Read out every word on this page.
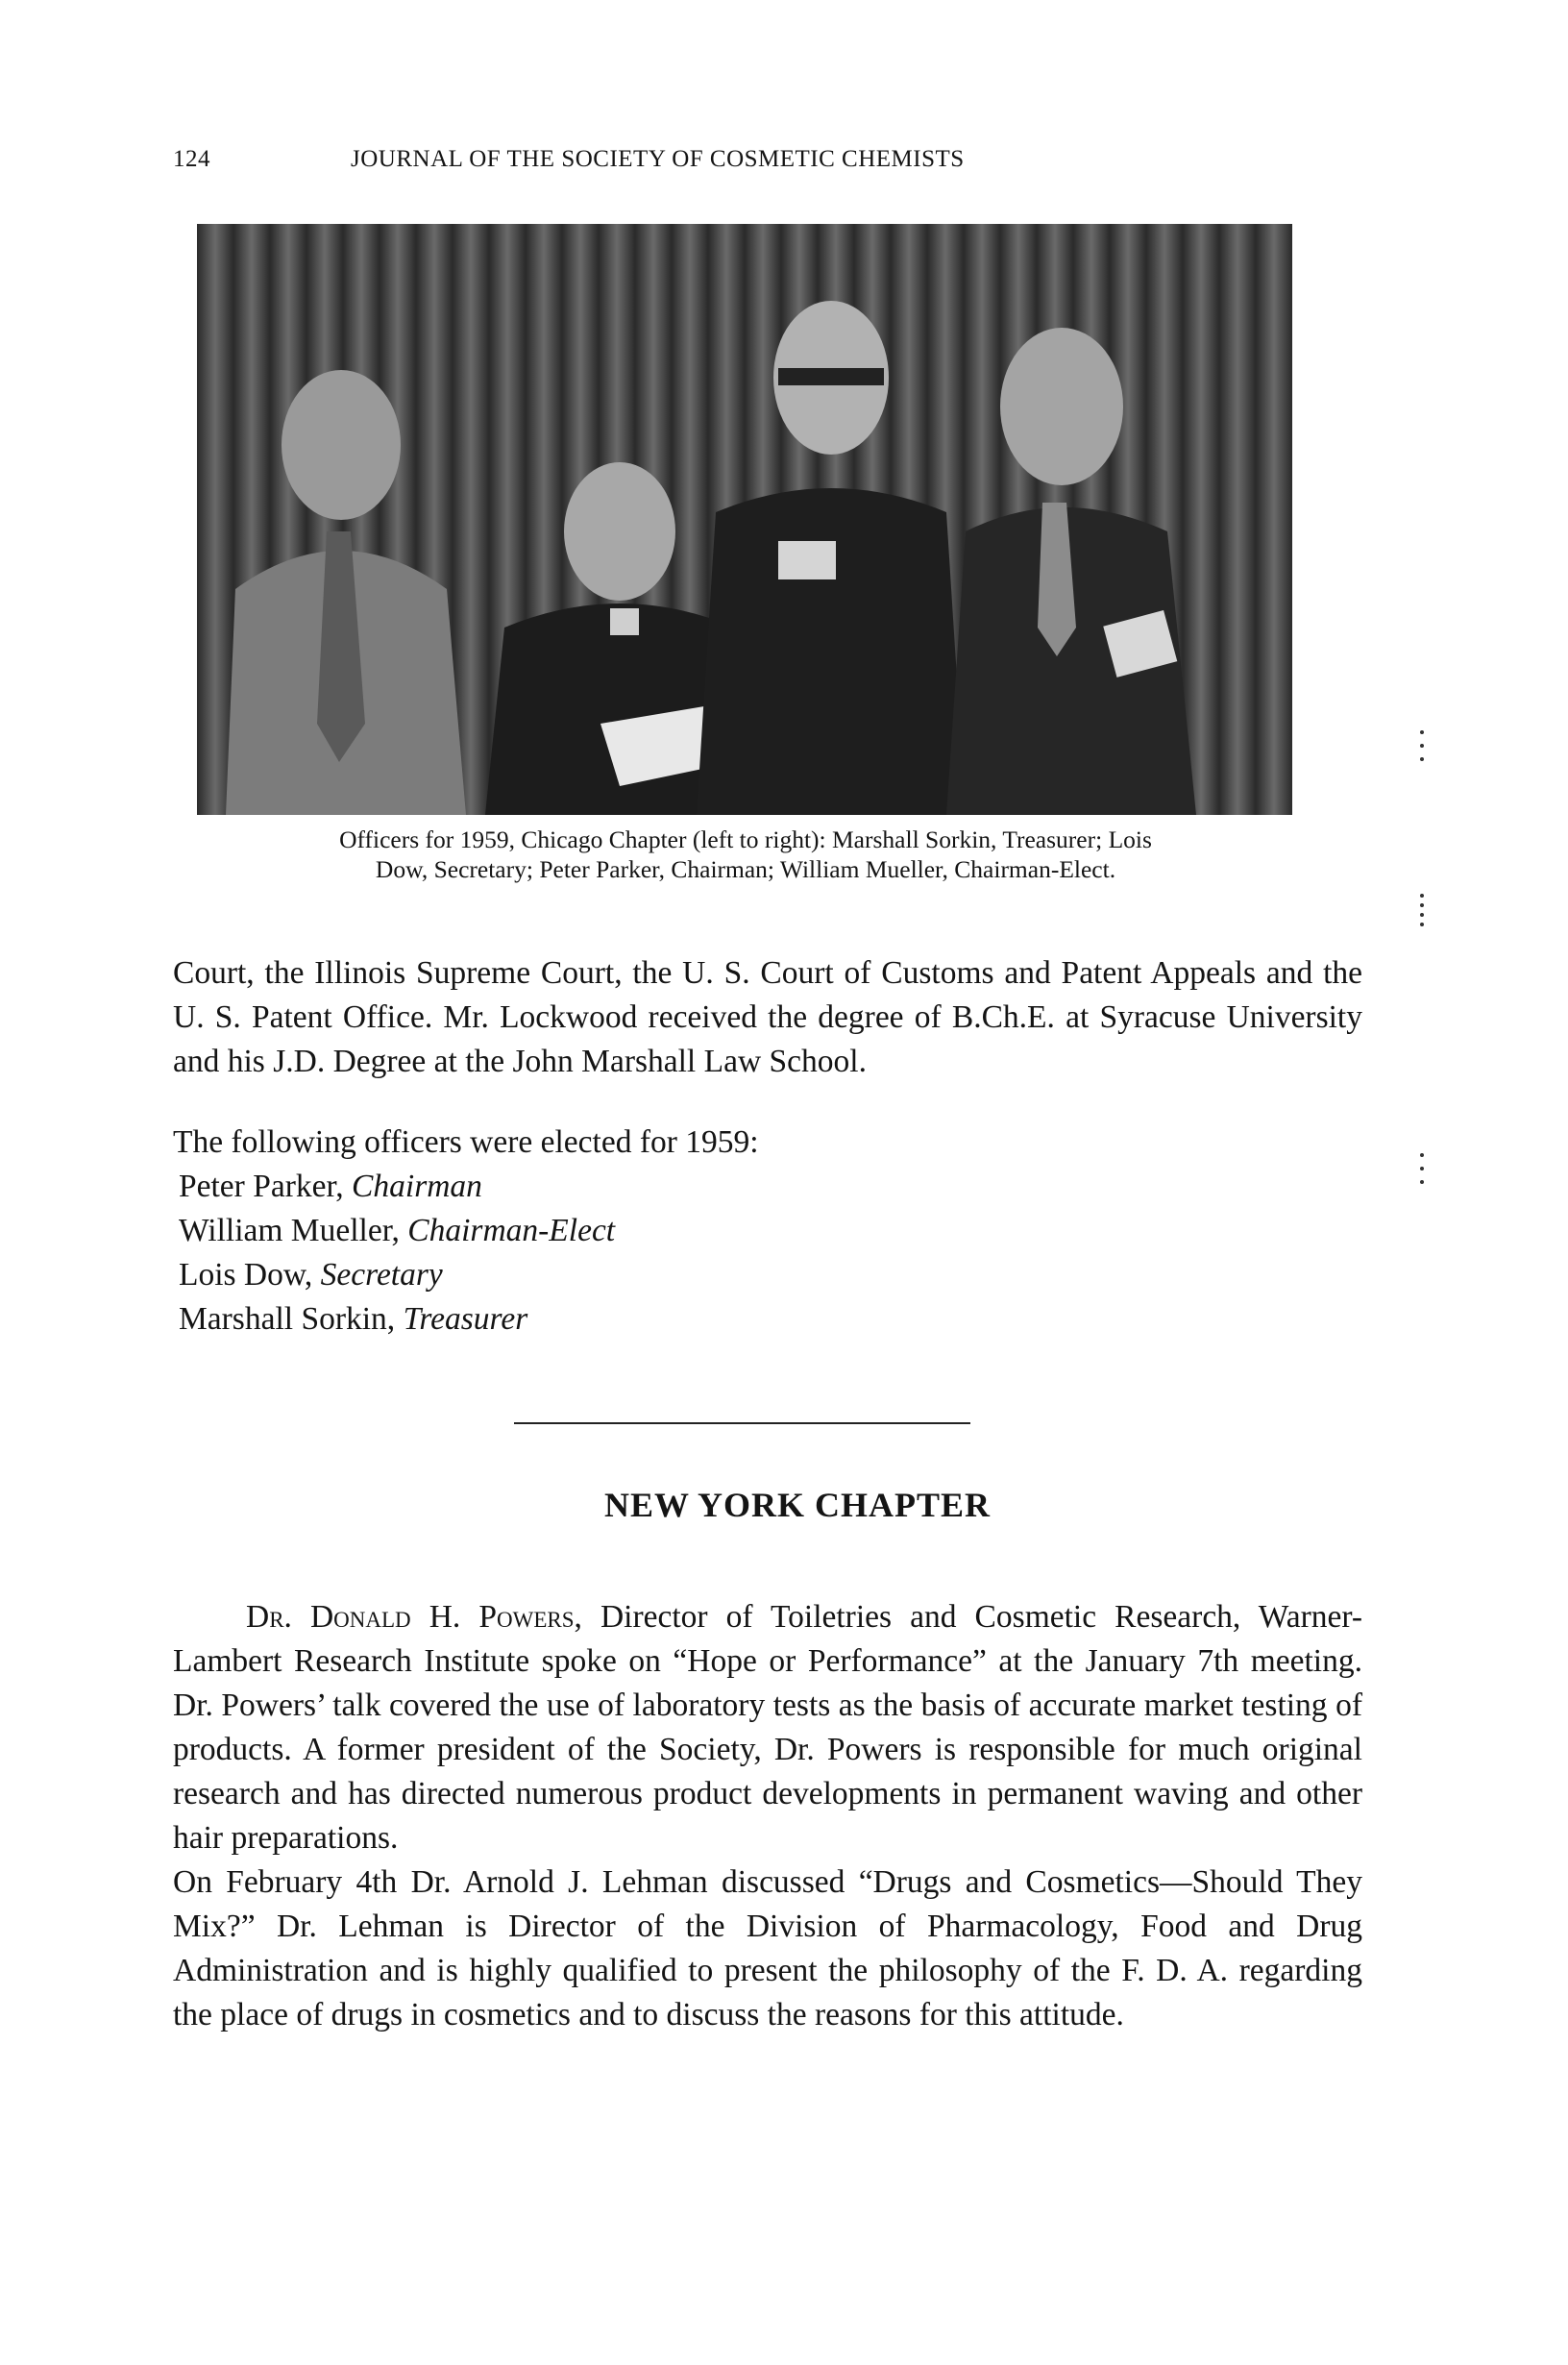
124	JOURNAL OF THE SOCIETY OF COSMETIC CHEMISTS
Officers for 1959, Chicago Chapter (left to right): Marshall Sorkin, Treasurer; Lois
Dow, Secretary; Peter Parker, Chairman; William Mueller, Chairman-Elect.
Court, the Illinois Supreme Court, the U. S. Court of Customs and Patent Appeals and the U. S. Patent Office. Mr. Lockwood received the degree of B.Ch.E. at Syracuse University and his J.D. Degree at the John Marshall Law School.
The following officers were elected for 1959:
Peter Parker, Chairman
William Mueller, Chairman-Elect
Lois Dow, Secretary
Marshall Sorkin, Treasurer
NEW YORK CHAPTER
Dr. Donald H. Powers, Director of Toiletries and Cosmetic Research, Warner-Lambert Research Institute spoke on “Hope or Performance” at the January 7th meeting. Dr. Powers’ talk covered the use of laboratory tests as the basis of accurate market testing of products. A former president of the Society, Dr. Powers is responsible for much original research and has directed numerous product developments in permanent waving and other hair preparations.
On February 4th Dr. Arnold J. Lehman discussed “Drugs and Cosmetics—Should They Mix?” Dr. Lehman is Director of the Division of Pharmacology, Food and Drug Administration and is highly qualified to present the philosophy of the F. D. A. regarding the place of drugs in cosmetics and to discuss the reasons for this attitude.
